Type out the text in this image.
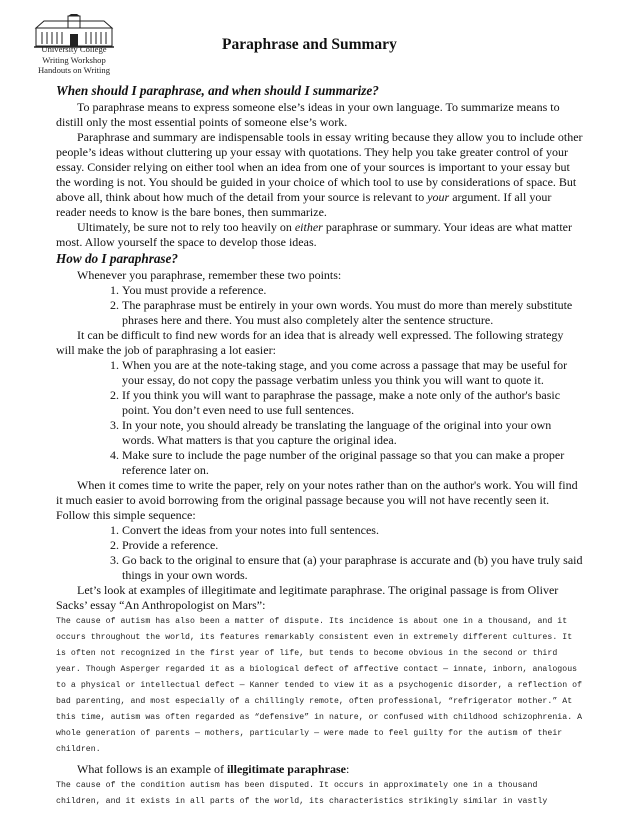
University College
Writing Workshop
Handouts on Writing
Paraphrase and Summary
When should I paraphrase, and when should I summarize?

To paraphrase means to express someone else’s ideas in your own language. To summarize means to distill only the most essential points of someone else’s work.

Paraphrase and summary are indispensable tools in essay writing because they allow you to include other people’s ideas without cluttering up your essay with quotations. They help you take greater control of your essay. Consider relying on either tool when an idea from one of your sources is important to your essay but the wording is not. You should be guided in your choice of which tool to use by considerations of space. But above all, think about how much of the detail from your source is relevant to your argument. If all your reader needs to know is the bare bones, then summarize.

Ultimately, be sure not to rely too heavily on either paraphrase or summary. Your ideas are what matter most. Allow yourself the space to develop those ideas.

How do I paraphrase?

Whenever you paraphrase, remember these two points:

1. You must provide a reference.
2. The paraphrase must be entirely in your own words. You must do more than merely substitute phrases here and there. You must also completely alter the sentence structure.

It can be difficult to find new words for an idea that is already well expressed. The following strategy will make the job of paraphrasing a lot easier:

1. When you are at the note-taking stage, and you come across a passage that may be useful for your essay, do not copy the passage verbatim unless you think you will want to quote it.
2. If you think you will want to paraphrase the passage, make a note only of the author's basic point. You don’t even need to use full sentences.
3. In your note, you should already be translating the language of the original into your own words. What matters is that you capture the original idea.
4. Make sure to include the page number of the original passage so that you can make a proper reference later on.

When it comes time to write the paper, rely on your notes rather than on the author's work. You will find it much easier to avoid borrowing from the original passage because you will not have recently seen it. Follow this simple sequence:

1. Convert the ideas from your notes into full sentences.
2. Provide a reference.
3. Go back to the original to ensure that (a) your paraphrase is accurate and (b) you have truly said things in your own words.

Let’s look at examples of illegitimate and legitimate paraphrase. The original passage is from Oliver Sacks’ essay “An Anthropologist on Mars”:

The cause of autism has also been a matter of dispute. Its incidence is about one in a thousand, and it occurs throughout the world, its features remarkably consistent even in extremely different cultures. It is often not recognized in the first year of life, but tends to become obvious in the second or third year. Though Asperger regarded it as a biological defect of affective contact — innate, inborn, analogous to a physical or intellectual defect — Kanner tended to view it as a psychogenic disorder, a reflection of bad parenting, and most especially of a chillingly remote, often professional, “refrigerator mother.” At this time, autism was often regarded as “defensive” in nature, or confused with childhood schizophrenia. A whole generation of parents — mothers, particularly — were made to feel guilty for the autism of their children.

What follows is an example of illegitimate paraphrase:

The cause of the condition autism has been disputed. It occurs in approximately one in a thousand children, and it exists in all parts of the world, its characteristics strikingly similar in vastly
